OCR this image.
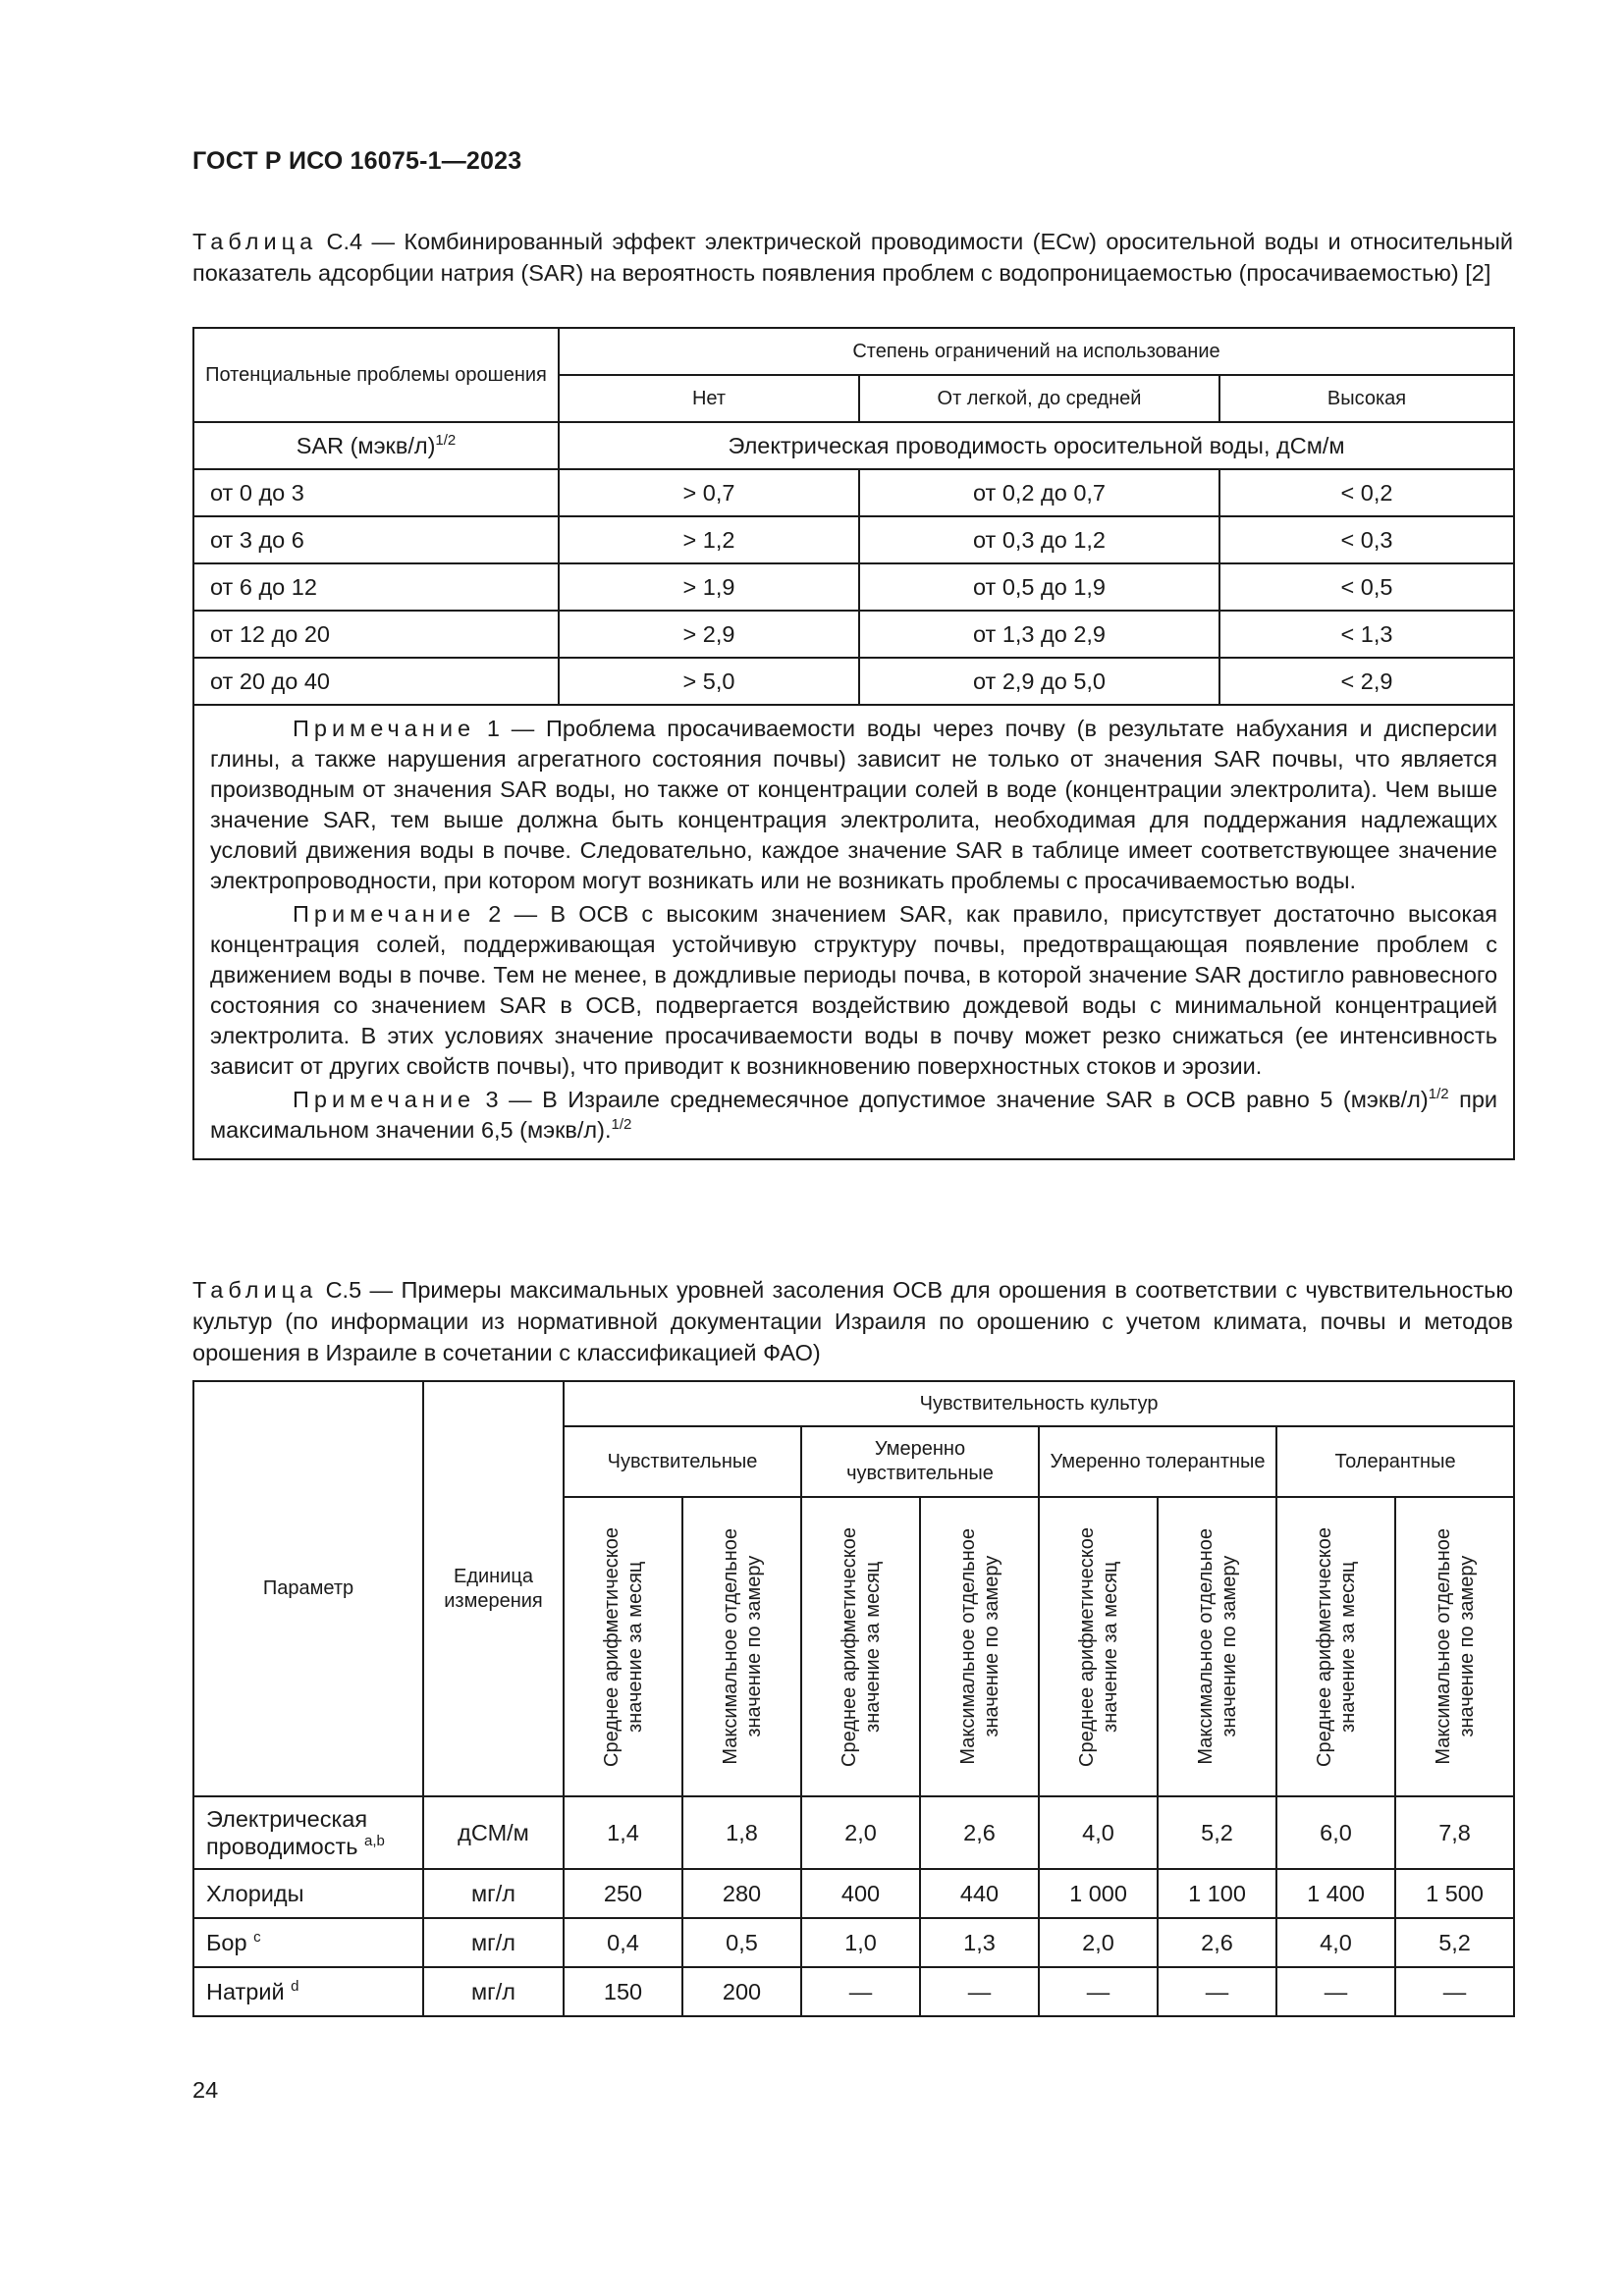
ГОСТ Р ИСО 16075-1—2023
Таблица С.4 — Комбинированный эффект электрической проводимости (ECw) оросительной воды и относительный показатель адсорбции натрия (SAR) на вероятность появления проблем с водопроницаемостью (просачиваемостью) [2]
Потенциальные проблемы орошения	Степень ограничений на использование		
	Нет	От легкой, до средней	Высокая
SAR (мэкв/л)$^{1/2}$	Электрическая проводимость оросительной воды, дСм/м		
от 0 до 3	> 0,7	от 0,2 до 0,7	< 0,2
от 3 до 6	> 1,2	от 0,3 до 1,2	< 0,3
от 6 до 12	> 1,9	от 0,5 до 1,9	< 0,5
от 12 до 20	> 2,9	от 1,3 до 2,9	< 1,3
от 20 до 40	> 5,0	от 2,9 до 5,0	< 2,9

Примечание 1 — Проблема просачиваемости воды через почву (в результате набухания и дисперсии глины, а также нарушения агрегатного состояния почвы) зависит не только от значения SAR почвы, что является производным от значения SAR воды, но также от концентрации солей в воде (концентрации электролита). Чем выше значение SAR, тем выше должна быть концентрация электролита, необходимая для поддержания надлежащих условий движения воды в почве. Следовательно, каждое значение SAR в таблице имеет соответствующее значение электропроводности, при котором могут возникать или не возникать проблемы с просачиваемостью воды.

Примечание 2 — В ОСВ с высоким значением SAR, как правило, присутствует достаточно высокая концентрация солей, поддерживающая устойчивую структуру почвы, предотвращающая появление проблем с движением воды в почве. Тем не менее, в дождливые периоды почва, в которой значение SAR достигло равновесного состояния со значением SAR в ОСВ, подвергается воздействию дождевой воды с минимальной концентрацией электролита. В этих условиях значение просачиваемости воды в почву может резко снижаться (ее интенсивность зависит от других свойств почвы), что приводит к возникновению поверхностных стоков и эрозии.

Примечание 3 — В Израиле среднемесячное допустимое значение SAR в ОСВ равно 5 (мэкв/л)$^{1/2}$ при максимальном значении 6,5 (мэкв/л).$^{1/2}$

Таблица С.5 — Примеры максимальных уровней засоления ОСВ для орошения в соответствии с чувствительностью культур (по информации из нормативной документации Израиля по орошению с учетом климата, почвы и методов орошения в Израиле в сочетании с классификацией ФАО)
Параметр	Единица измерения	Чувствительность культур							
		Чувствительные		Умеренно чувствительные		Умеренно толерантные		Толерантные	

		Среднее арифметическое значение за месяц	Максимальное отдельное значение по замеру	Среднее арифметическое значение за месяц	Максимальное отдельное значение по замеру	Среднее арифметическое значение за месяц	Максимальное отдельное значение по замеру	Среднее арифметическое значение за месяц	Максимальное отдельное значение по замеру

Электрическая проводимость $^{a,b}$	дСМ/м	1,4	1,8	2,0	2,6	4,0	5,2	6,0	7,8
Хлориды	мг/л	250	280	400	440	1 000	1 100	1 400	1 500
Бор $^c$	мг/л	0,4	0,5	1,0	1,3	2,0	2,6	4,0	5,2
Натрий $^d$	мг/л	150	200	—	—	—	—	—	—
24
